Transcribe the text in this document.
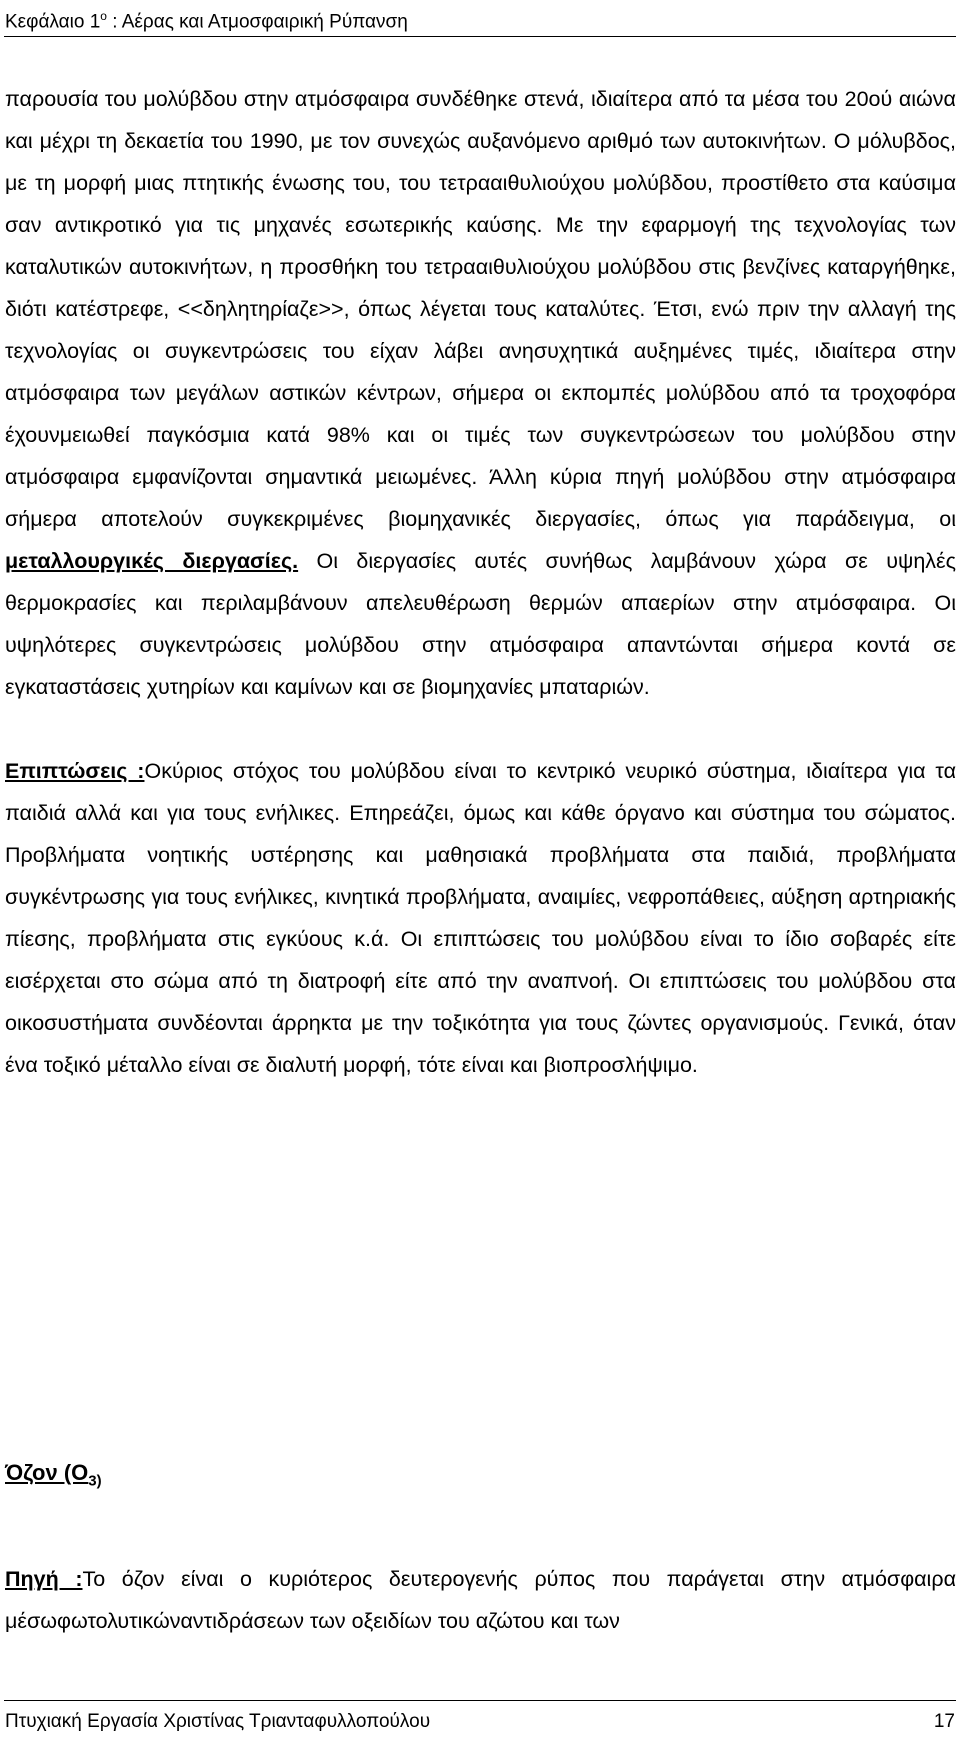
Κεφάλαιο $1^o$ : Αέρας και Ατμοσφαιρική Ρύπανση
παρουσία του μολύβδου στην ατμόσφαιρα συνδέθηκε στενά, ιδιαίτερα από τα μέσα του 20ού αιώνα και μέχρι τη δεκαετία του 1990, με τον συνεχώς αυξανόμενο αριθμό των αυτοκινήτων. Ο μόλυβδος, με τη μορφή μιας πτητικής ένωσης του, του τετρααιθυλιούχου μολύβδου, προστίθετο στα καύσιμα σαν αντικροτικό για τις μηχανές εσωτερικής καύσης. Με την εφαρμογή της τεχνολογίας των καταλυτικών αυτοκινήτων, η προσθήκη του τετρααιθυλιούχου μολύβδου στις βενζίνες καταργήθηκε, διότι κατέστρεφε, <<δηλητηρίαζε>>, όπως λέγεται τους καταλύτες. Έτσι, ενώ πριν την αλλαγή της τεχνολογίας οι συγκεντρώσεις του είχαν λάβει ανησυχητικά αυξημένες τιμές, ιδιαίτερα στην ατμόσφαιρα των μεγάλων αστικών κέντρων, σήμερα οι εκπομπές μολύβδου από τα τροχοφόρα έχουνμειωθεί παγκόσμια κατά 98% και οι τιμές των συγκεντρώσεων του μολύβδου στην ατμόσφαιρα εμφανίζονται σημαντικά μειωμένες. Άλλη κύρια πηγή μολύβδου στην ατμόσφαιρα σήμερα αποτελούν συγκεκριμένες βιομηχανικές διεργασίες, όπως για παράδειγμα, οι μεταλλουργικές διεργασίες. Οι διεργασίες αυτές συνήθως λαμβάνουν χώρα σε υψηλές θερμοκρασίες και περιλαμβάνουν απελευθέρωση θερμών απαερίων στην ατμόσφαιρα. Οι υψηλότερες συγκεντρώσεις μολύβδου στην ατμόσφαιρα απαντώνται σήμερα κοντά σε εγκαταστάσεις χυτηρίων και καμίνων και σε βιομηχανίες μπαταριών.

Επιπτώσεις :Οκύριος στόχος του μολύβδου είναι το κεντρικό νευρικό σύστημα, ιδιαίτερα για τα παιδιά αλλά και για τους ενήλικες. Επηρεάζει, όμως και κάθε όργανο και σύστημα του σώματος. Προβλήματα νοητικής υστέρησης και μαθησιακά προβλήματα στα παιδιά, προβλήματα συγκέντρωσης για τους ενήλικες, κινητικά προβλήματα, αναιμίες, νεφροπάθειες, αύξηση αρτηριακής πίεσης, προβλήματα στις εγκύους κ.ά. Οι επιπτώσεις του μολύβδου είναι το ίδιο σοβαρές είτε εισέρχεται στο σώμα από τη διατροφή είτε από την αναπνοή. Οι επιπτώσεις του μολύβδου στα οικοσυστήματα συνδέονται άρρηκτα με την τοξικότητα για τους ζώντες οργανισμούς. Γενικά, όταν ένα τοξικό μέταλλο είναι σε διαλυτή μορφή, τότε είναι και βιοπροσλήψιμο.
Όζον ($O_{3)}$
Πηγή :Το όζον είναι ο κυριότερος δευτερογενής ρύπος που παράγεται στην ατμόσφαιρα μέσωφωτολυτικώναντιδράσεων των οξειδίων του αζώτου και των
Πτυχιακή Εργασία Χριστίνας Τριανταφυλλοπούλου	17
